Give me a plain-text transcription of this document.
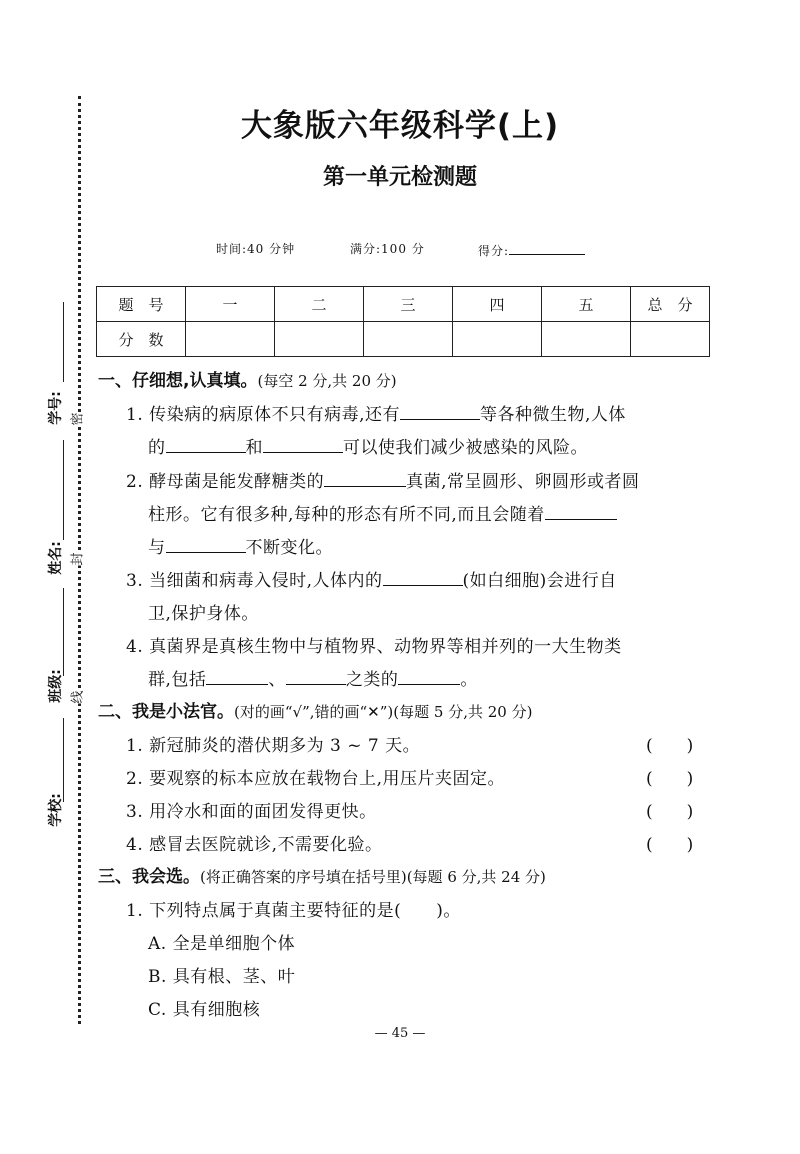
学号:
姓名:
班级:
学校:
密
封
线
大象版六年级科学(上)
第一单元检测题
时间:40 分钟	满分:100 分	得分:
题　号	一	二	三	四	五	总　分
分　数						
一、仔细想,认真填。(每空 2 分,共 20 分)
1. 传染病的病原体不只有病毒,还有	等各种微生物,人体
的	和	可以使我们减少被感染的风险。
2. 酵母菌是能发酵糖类的	真菌,常呈圆形、卵圆形或者圆
柱形。它有很多种,每种的形态有所不同,而且会随着
与	不断变化。
3. 当细菌和病毒入侵时,人体内的	(如白细胞)会进行自
卫,保护身体。
4. 真菌界是真核生物中与植物界、动物界等相并列的一大生物类
群,包括	、	之类的	。
二、我是小法官。(对的画“√”,错的画“✕”)(每题 5 分,共 20 分)
1. 新冠肺炎的潜伏期多为 3 ~ 7 天。	(　　)
2. 要观察的标本应放在载物台上,用压片夹固定。	(　　)
3. 用冷水和面的面团发得更快。	(　　)
4. 感冒去医院就诊,不需要化验。	(　　)
三、我会选。(将正确答案的序号填在括号里)(每题 6 分,共 24 分)
1. 下列特点属于真菌主要特征的是(　　)。
A. 全是单细胞个体
B. 具有根、茎、叶
C. 具有细胞核
— 45 —
